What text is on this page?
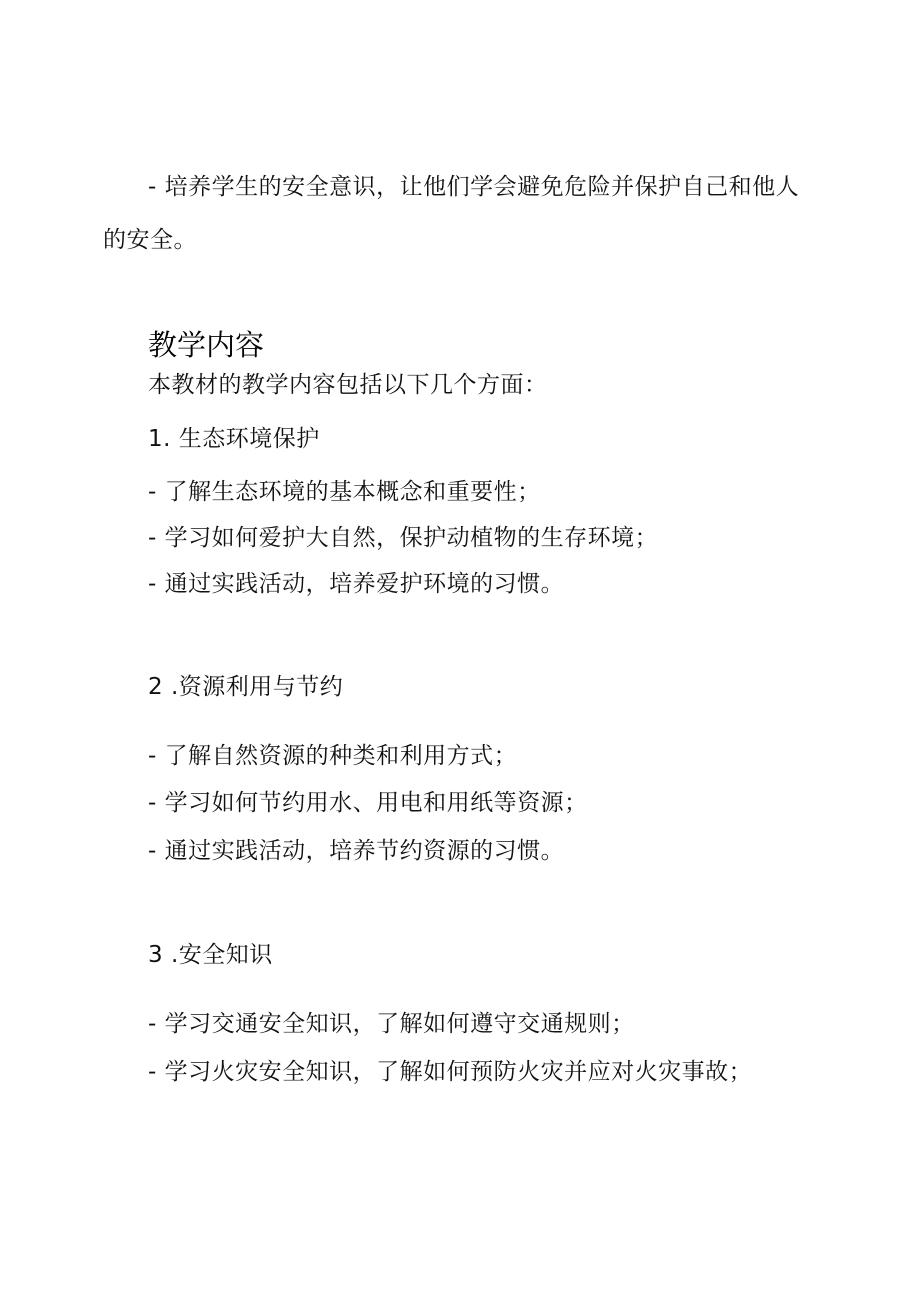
- 培养学生的安全意识，让他们学会避免危险并保护自己和他人
的安全。
教学内容
本教材的教学内容包括以下几个方面：
1. 生态环境保护
- 了解生态环境的基本概念和重要性；
- 学习如何爱护大自然，保护动植物的生存环境；
- 通过实践活动，培养爱护环境的习惯。
2 .资源利用与节约
- 了解自然资源的种类和利用方式；
- 学习如何节约用水、用电和用纸等资源；
- 通过实践活动，培养节约资源的习惯。
3 .安全知识
- 学习交通安全知识，了解如何遵守交通规则；
- 学习火灾安全知识，了解如何预防火灾并应对火灾事故；
